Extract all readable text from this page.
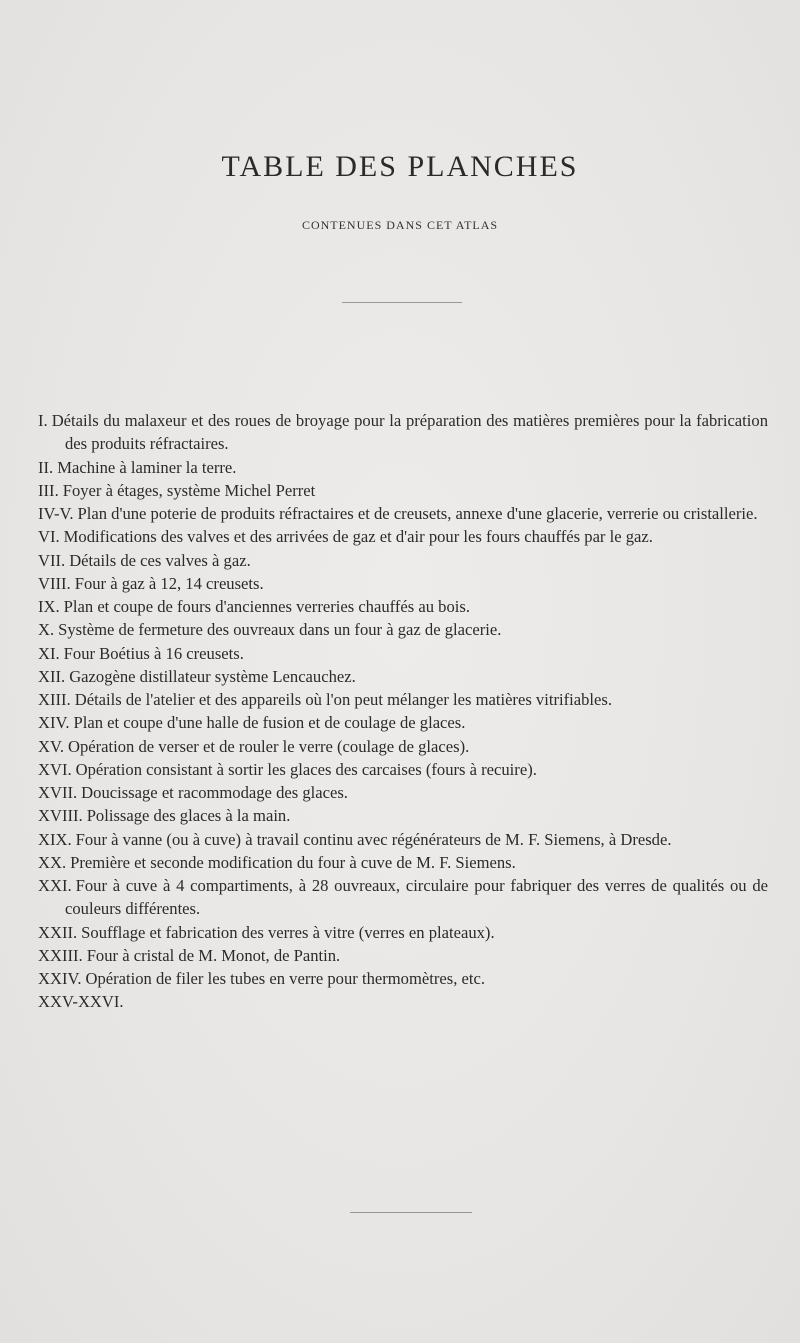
TABLE DES PLANCHES
CONTENUES DANS CET ATLAS
I. Détails du malaxeur et des roues de broyage pour la préparation des matières premières pour la fabrication des produits réfractaires.
II. Machine à laminer la terre.
III. Foyer à étages, système Michel Perret
IV-V. Plan d'une poterie de produits réfractaires et de creusets, annexe d'une glacerie, verrerie ou cristallerie.
VI. Modifications des valves et des arrivées de gaz et d'air pour les fours chauffés par le gaz.
VII. Détails de ces valves à gaz.
VIII. Four à gaz à 12, 14 creusets.
IX. Plan et coupe de fours d'anciennes verreries chauffés au bois.
X. Système de fermeture des ouvreaux dans un four à gaz de glacerie.
XI. Four Boétius à 16 creusets.
XII. Gazogène distillateur système Lencauchez.
XIII. Détails de l'atelier et des appareils où l'on peut mélanger les matières vitrifiables.
XIV. Plan et coupe d'une halle de fusion et de coulage de glaces.
XV. Opération de verser et de rouler le verre (coulage de glaces).
XVI. Opération consistant à sortir les glaces des carcaises (fours à recuire).
XVII. Doucissage et racommodage des glaces.
XVIII. Polissage des glaces à la main.
XIX. Four à vanne (ou à cuve) à travail continu avec régénérateurs de M. F. Siemens, à Dresde.
XX. Première et seconde modification du four à cuve de M. F. Siemens.
XXI. Four à cuve à 4 compartiments, à 28 ouvreaux, circulaire pour fabriquer des verres de qualités ou de couleurs différentes.
XXII. Soufflage et fabrication des verres à vitre (verres en plateaux).
XXIII. Four à cristal de M. Monot, de Pantin.
XXIV. Opération de filer les tubes en verre pour thermomètres, etc.
XXV-XXVI.
